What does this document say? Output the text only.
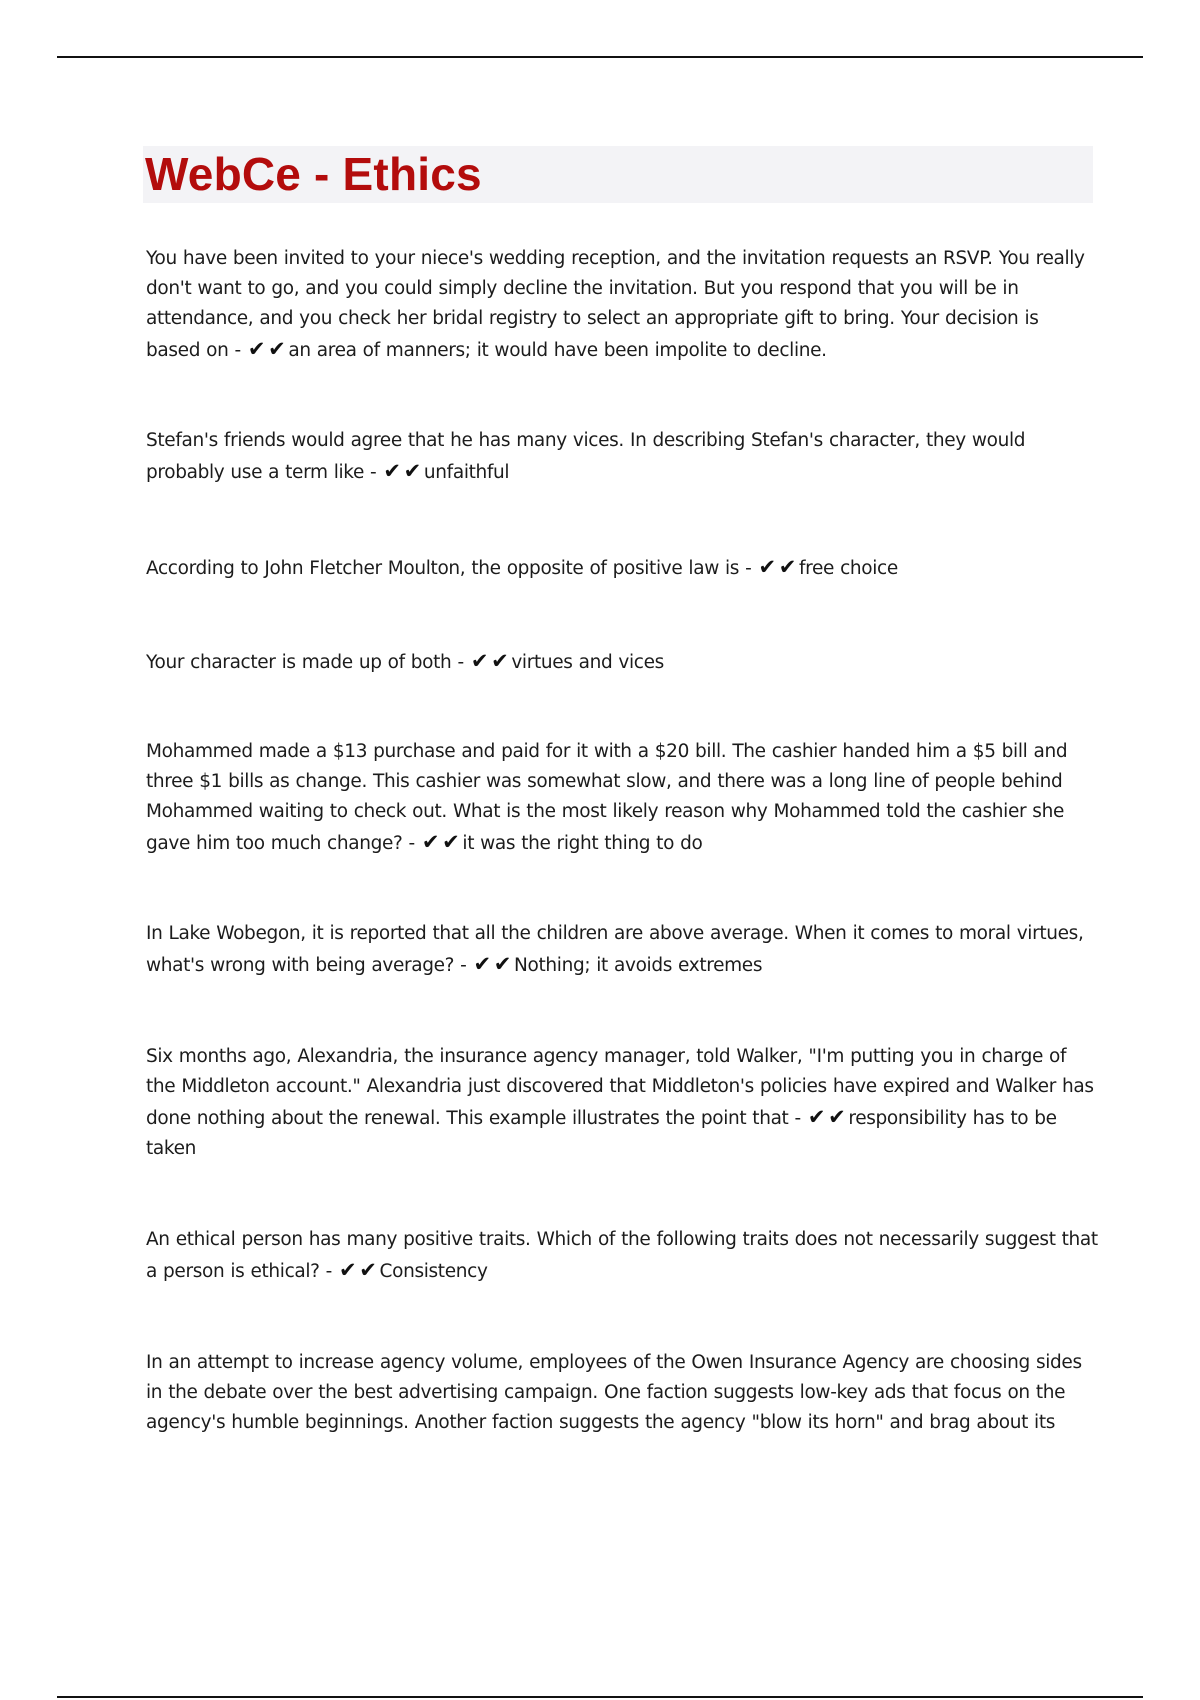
WebCe - Ethics

You have been invited to your niece's wedding reception, and the invitation requests an RSVP. You really don't want to go, and you could simply decline the invitation. But you respond that you will be in attendance, and you check her bridal registry to select an appropriate gift to bring. Your decision is based on - ✔ ✔ an area of manners; it would have been impolite to decline.

Stefan's friends would agree that he has many vices. In describing Stefan's character, they would probably use a term like - ✔ ✔ unfaithful

According to John Fletcher Moulton, the opposite of positive law is - ✔ ✔ free choice

Your character is made up of both - ✔ ✔ virtues and vices

Mohammed made a $13 purchase and paid for it with a $20 bill. The cashier handed him a $5 bill and three $1 bills as change. This cashier was somewhat slow, and there was a long line of people behind Mohammed waiting to check out. What is the most likely reason why Mohammed told the cashier she gave him too much change? - ✔ ✔ it was the right thing to do

In Lake Wobegon, it is reported that all the children are above average. When it comes to moral virtues, what's wrong with being average? - ✔ ✔ Nothing; it avoids extremes

Six months ago, Alexandria, the insurance agency manager, told Walker, "I'm putting you in charge of the Middleton account." Alexandria just discovered that Middleton's policies have expired and Walker has done nothing about the renewal. This example illustrates the point that - ✔ ✔ responsibility has to be taken

An ethical person has many positive traits. Which of the following traits does not necessarily suggest that a person is ethical? - ✔ ✔ Consistency

In an attempt to increase agency volume, employees of the Owen Insurance Agency are choosing sides in the debate over the best advertising campaign. One faction suggests low-key ads that focus on the agency's humble beginnings. Another faction suggests the agency "blow its horn" and brag about its
